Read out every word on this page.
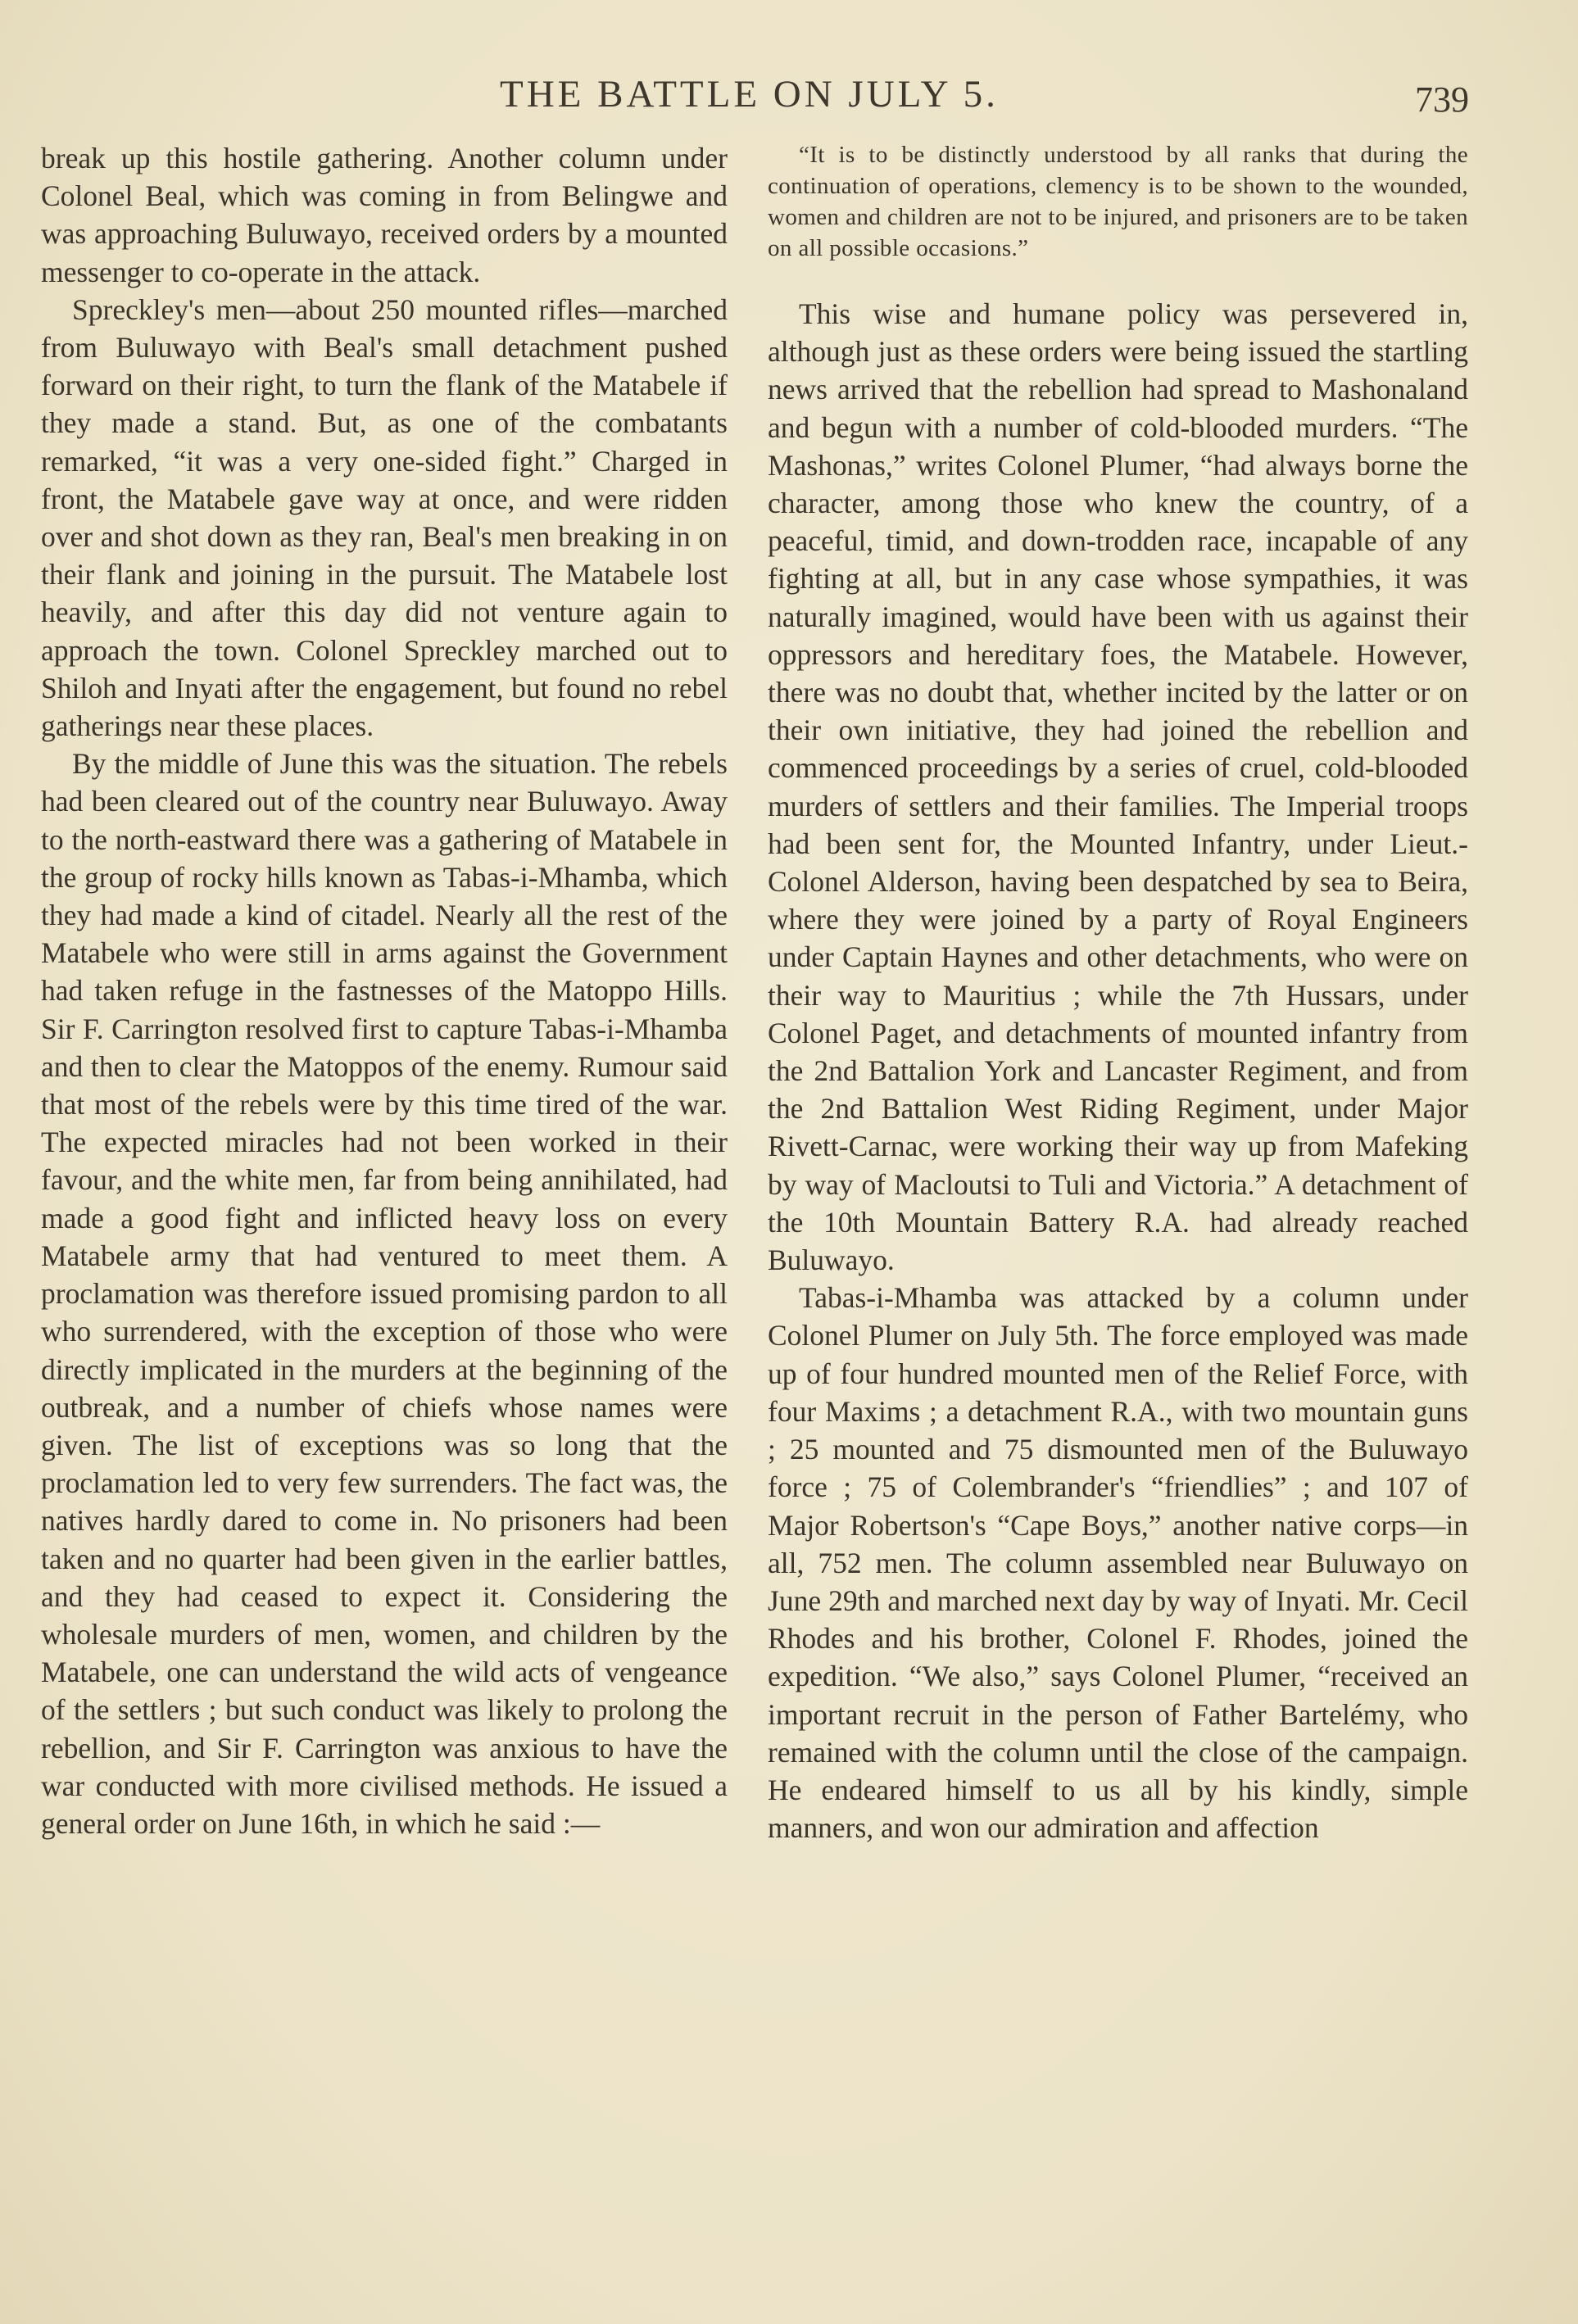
THE BATTLE ON JULY 5.	739

break up this hostile gathering. Another column under Colonel Beal, which was coming in from Belingwe and was approaching Buluwayo, received orders by a mounted messenger to co-operate in the attack.

Spreckley's men—about 250 mounted rifles—marched from Buluwayo with Beal's small detachment pushed forward on their right, to turn the flank of the Matabele if they made a stand. But, as one of the combatants remarked, “it was a very one-sided fight.” Charged in front, the Matabele gave way at once, and were ridden over and shot down as they ran, Beal's men breaking in on their flank and joining in the pursuit. The Matabele lost heavily, and after this day did not venture again to approach the town. Colonel Spreckley marched out to Shiloh and Inyati after the engagement, but found no rebel gatherings near these places.

By the middle of June this was the situation. The rebels had been cleared out of the country near Buluwayo. Away to the north-eastward there was a gathering of Matabele in the group of rocky hills known as Tabas-i-Mhamba, which they had made a kind of citadel. Nearly all the rest of the Matabele who were still in arms against the Government had taken refuge in the fastnesses of the Matoppo Hills. Sir F. Carrington resolved first to capture Tabas-i-Mhamba and then to clear the Matoppos of the enemy. Rumour said that most of the rebels were by this time tired of the war. The expected miracles had not been worked in their favour, and the white men, far from being annihilated, had made a good fight and inflicted heavy loss on every Matabele army that had ventured to meet them. A proclamation was therefore issued promising pardon to all who surrendered, with the exception of those who were directly implicated in the murders at the beginning of the outbreak, and a number of chiefs whose names were given. The list of exceptions was so long that the proclamation led to very few surrenders. The fact was, the natives hardly dared to come in. No prisoners had been taken and no quarter had been given in the earlier battles, and they had ceased to expect it. Considering the wholesale murders of men, women, and children by the Matabele, one can understand the wild acts of vengeance of the settlers ; but such conduct was likely to prolong the rebellion, and Sir F. Carrington was anxious to have the war conducted with more civilised methods. He issued a general order on June 16th, in which he said :—

“It is to be distinctly understood by all ranks that during the continuation of operations, clemency is to be shown to the wounded, women and children are not to be injured, and prisoners are to be taken on all possible occasions.”

This wise and humane policy was persevered in, although just as these orders were being issued the startling news arrived that the rebellion had spread to Mashonaland and begun with a number of cold-blooded murders. “The Mashonas,” writes Colonel Plumer, “had always borne the character, among those who knew the country, of a peaceful, timid, and down-trodden race, incapable of any fighting at all, but in any case whose sympathies, it was naturally imagined, would have been with us against their oppressors and hereditary foes, the Matabele. However, there was no doubt that, whether incited by the latter or on their own initiative, they had joined the rebellion and commenced proceedings by a series of cruel, cold-blooded murders of settlers and their families. The Imperial troops had been sent for, the Mounted Infantry, under Lieut.-Colonel Alderson, having been despatched by sea to Beira, where they were joined by a party of Royal Engineers under Captain Haynes and other detachments, who were on their way to Mauritius ; while the 7th Hussars, under Colonel Paget, and detachments of mounted infantry from the 2nd Battalion York and Lancaster Regiment, and from the 2nd Battalion West Riding Regiment, under Major Rivett-Carnac, were working their way up from Mafeking by way of Macloutsi to Tuli and Victoria.” A detachment of the 10th Mountain Battery R.A. had already reached Buluwayo.

Tabas-i-Mhamba was attacked by a column under Colonel Plumer on July 5th. The force employed was made up of four hundred mounted men of the Relief Force, with four Maxims ; a detachment R.A., with two mountain guns ; 25 mounted and 75 dismounted men of the Buluwayo force ; 75 of Colembrander's “friendlies” ; and 107 of Major Robertson's “Cape Boys,” another native corps—in all, 752 men. The column assembled near Buluwayo on June 29th and marched next day by way of Inyati. Mr. Cecil Rhodes and his brother, Colonel F. Rhodes, joined the expedition. “We also,” says Colonel Plumer, “received an important recruit in the person of Father Bartelémy, who remained with the column until the close of the campaign. He endeared himself to us all by his kindly, simple manners, and won our admiration and affection
